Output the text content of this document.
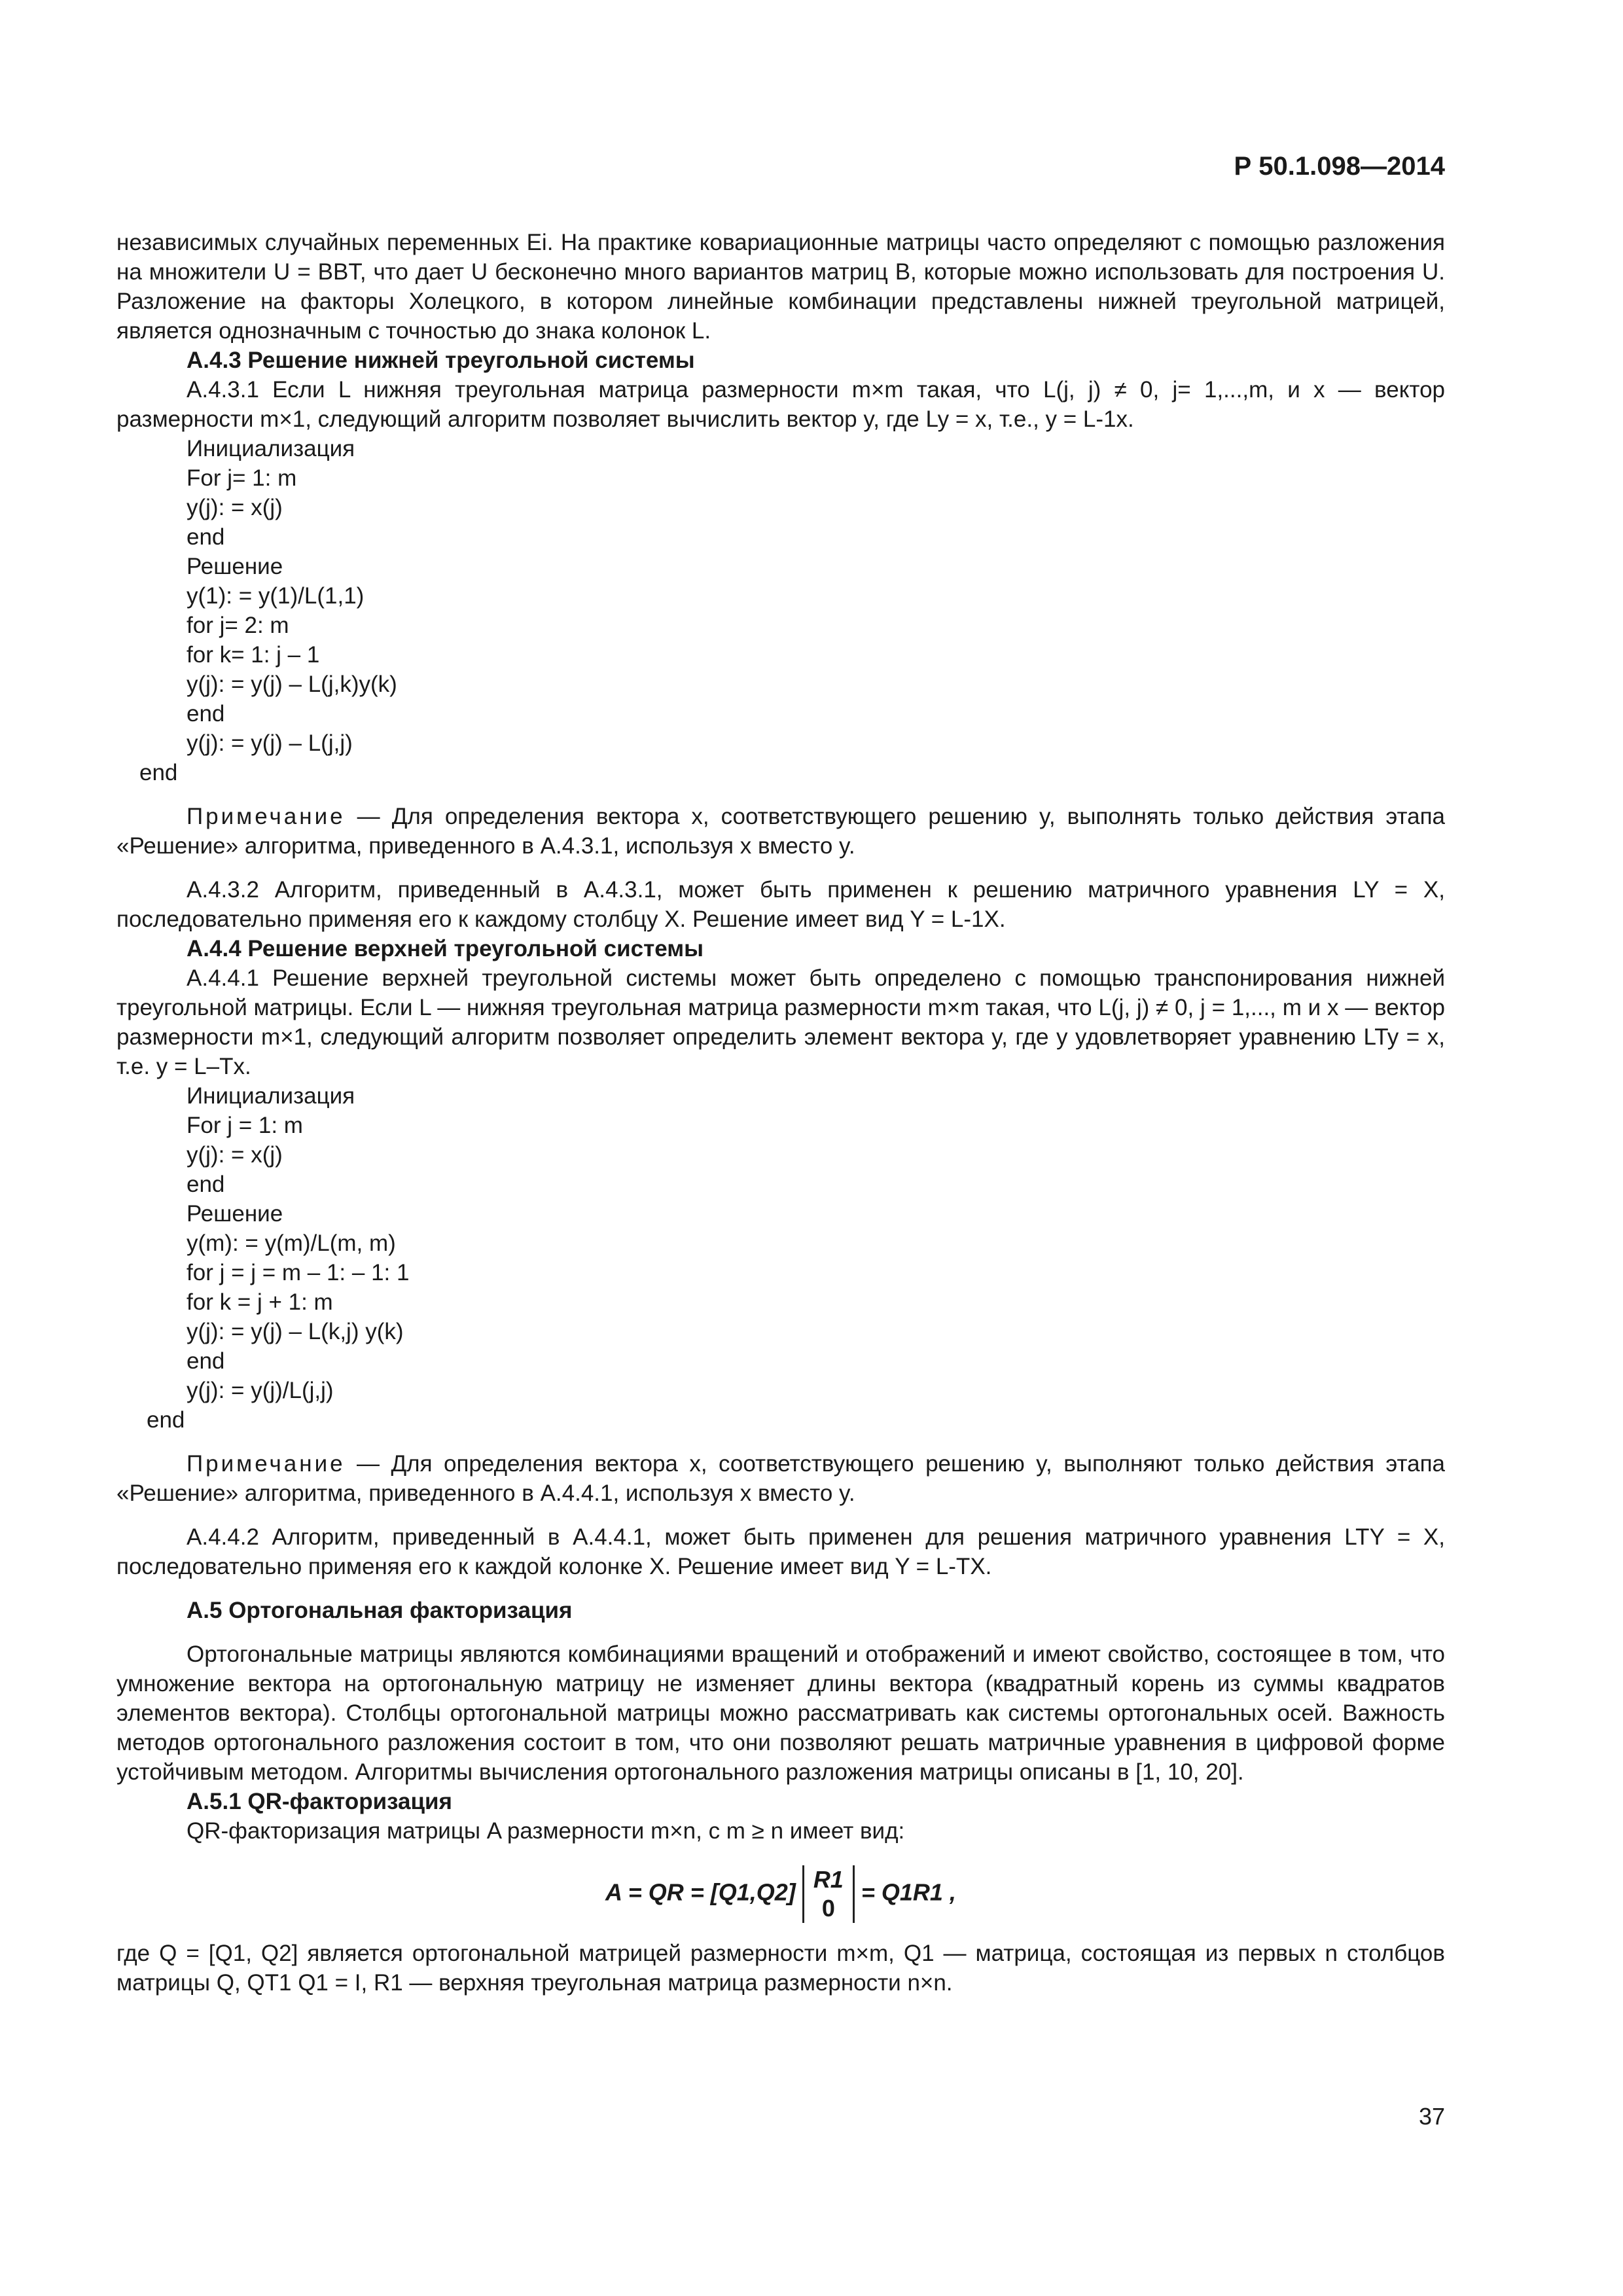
Р 50.1.098—2014

независимых случайных переменных Ei. На практике ковариационные матрицы часто определяют с помощью разложения на множители U = BBT, что дает U бесконечно много вариантов матриц B, которые можно использовать для построения U. Разложение на факторы Холецкого, в котором линейные комбинации представлены нижней треугольной матрицей, является однозначным с точностью до знака колонок L.

А.4.3 Решение нижней треугольной системы

А.4.3.1 Если L нижняя треугольная матрица размерности m×m такая, что L(j, j) ≠ 0, j= 1,...,m, и x — вектор размерности m×1, следующий алгоритм позволяет вычислить вектор y, где Ly = x, т.е., y = L-1x.

Инициализация

For j= 1: m

y(j): = x(j)

end

Решение

y(1): = y(1)/L(1,1)

for j= 2: m

for k= 1: j – 1

y(j): = y(j) – L(j,k)y(k)

end

y(j): = y(j) – L(j,j)

end

Примечание — Для определения вектора x, соответствующего решению y, выполнять только действия этапа «Решение» алгоритма, приведенного в А.4.3.1, используя x вместо y.

А.4.3.2 Алгоритм, приведенный в А.4.3.1, может быть применен к решению матричного уравнения LY = X, последовательно применяя его к каждому столбцу X. Решение имеет вид Y = L-1X.

А.4.4 Решение верхней треугольной системы

А.4.4.1 Решение верхней треугольной системы может быть определено с помощью транспонирования нижней треугольной матрицы. Если L — нижняя треугольная матрица размерности m×m такая, что L(j, j) ≠ 0, j = 1,..., m и x — вектор размерности m×1, следующий алгоритм позволяет определить элемент вектора y, где y удовлетворяет уравнению LTy = x, т.е. y = L–Tx.

Инициализация

For j = 1: m

y(j): = x(j)

end

Решение

y(m): = y(m)/L(m, m)

for j = j = m – 1: – 1: 1

for k = j + 1: m

y(j): = y(j) – L(k,j) y(k)

end

y(j): = y(j)/L(j,j)

end

Примечание — Для определения вектора x, соответствующего решению y, выполняют только действия этапа «Решение» алгоритма, приведенного в А.4.4.1, используя x вместо y.

А.4.4.2 Алгоритм, приведенный в А.4.4.1, может быть применен для решения матричного уравнения LTY = X, последовательно применяя его к каждой колонке X. Решение имеет вид Y = L-TX.

А.5 Ортогональная факторизация

Ортогональные матрицы являются комбинациями вращений и отображений и имеют свойство, состоящее в том, что умножение вектора на ортогональную матрицу не изменяет длины вектора (квадратный корень из суммы квадратов элементов вектора). Столбцы ортогональной матрицы можно рассматривать как системы ортогональных осей. Важность методов ортогонального разложения состоит в том, что они позволяют решать матричные уравнения в цифровой форме устойчивым методом. Алгоритмы вычисления ортогонального разложения матрицы описаны в [1, 10, 20].

А.5.1 QR-факторизация

QR-факторизация матрицы A размерности m×n, с m ≥ n имеет вид:

A = QR = [Q1,Q2] R1
0 = Q1R1 ,

где Q = [Q1, Q2] является ортогональной матрицей размерности m×m, Q1 — матрица, состоящая из первых n столбцов матрицы Q, QT1 Q1 = I, R1 — верхняя треугольная матрица размерности n×n.

37
